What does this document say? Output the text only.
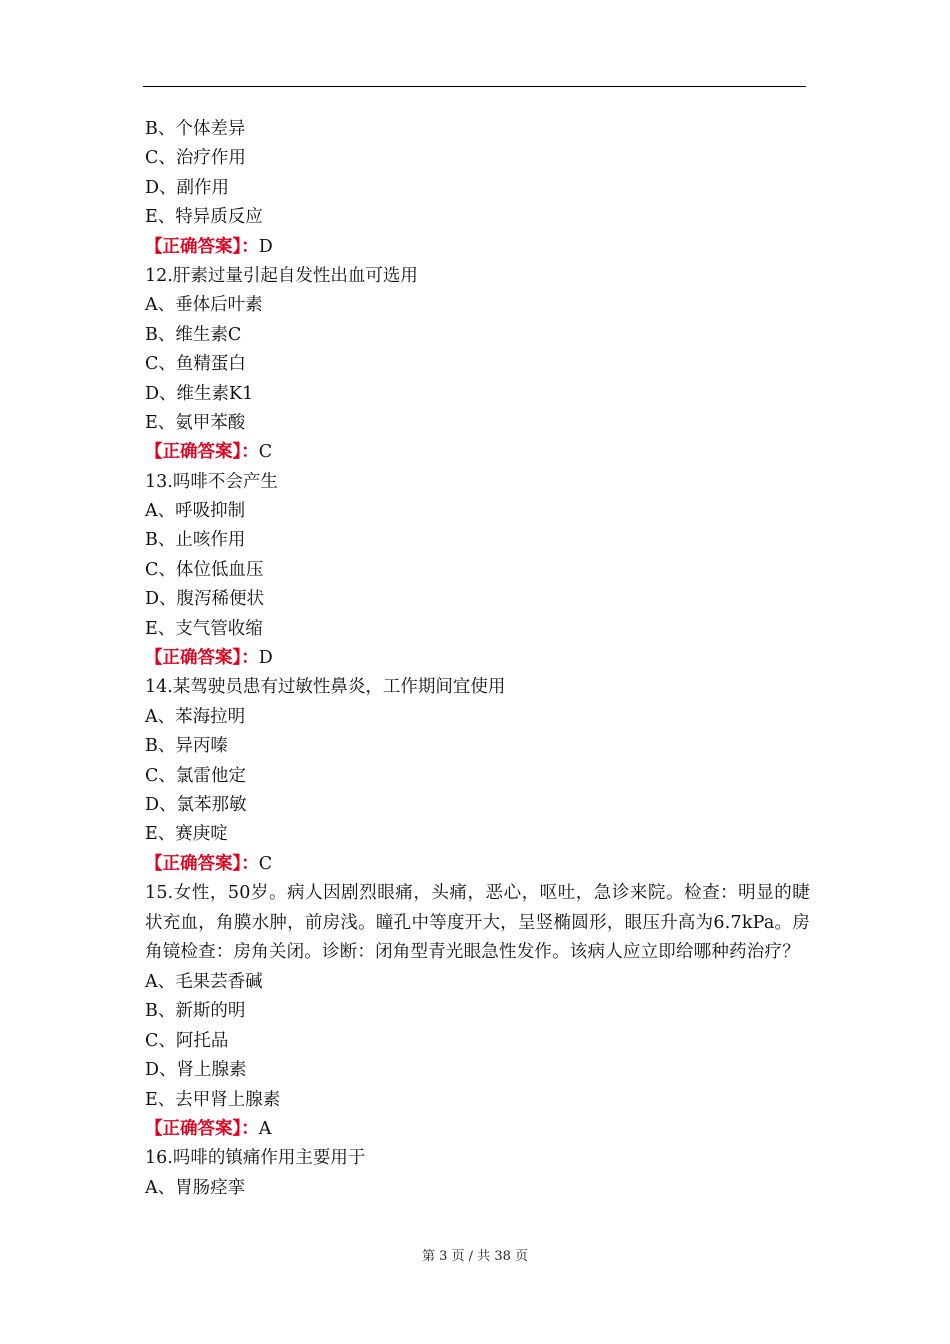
B、个体差异
C、治疗作用
D、副作用
E、特异质反应
【正确答案】：D
12.肝素过量引起自发性出血可选用
A、垂体后叶素
B、维生素C
C、鱼精蛋白
D、维生素K1
E、氨甲苯酸
【正确答案】：C
13.吗啡不会产生
A、呼吸抑制
B、止咳作用
C、体位低血压
D、腹泻稀便状
E、支气管收缩
【正确答案】：D
14.某驾驶员患有过敏性鼻炎，工作期间宜使用
A、苯海拉明
B、异丙嗪
C、氯雷他定
D、氯苯那敏
E、赛庚啶
【正确答案】：C
15.女性，50岁。病人因剧烈眼痛，头痛，恶心，呕吐，急诊来院。检查：明显的睫状充血，角膜水肿，前房浅。瞳孔中等度开大，呈竖椭圆形，眼压升高为6.7kPa。房角镜检查：房角关闭。诊断：闭角型青光眼急性发作。该病人应立即给哪种药治疗？
A、毛果芸香碱
B、新斯的明
C、阿托品
D、肾上腺素
E、去甲肾上腺素
【正确答案】：A
16.吗啡的镇痛作用主要用于
A、胃肠痉挛
第 3 页 / 共 38 页
